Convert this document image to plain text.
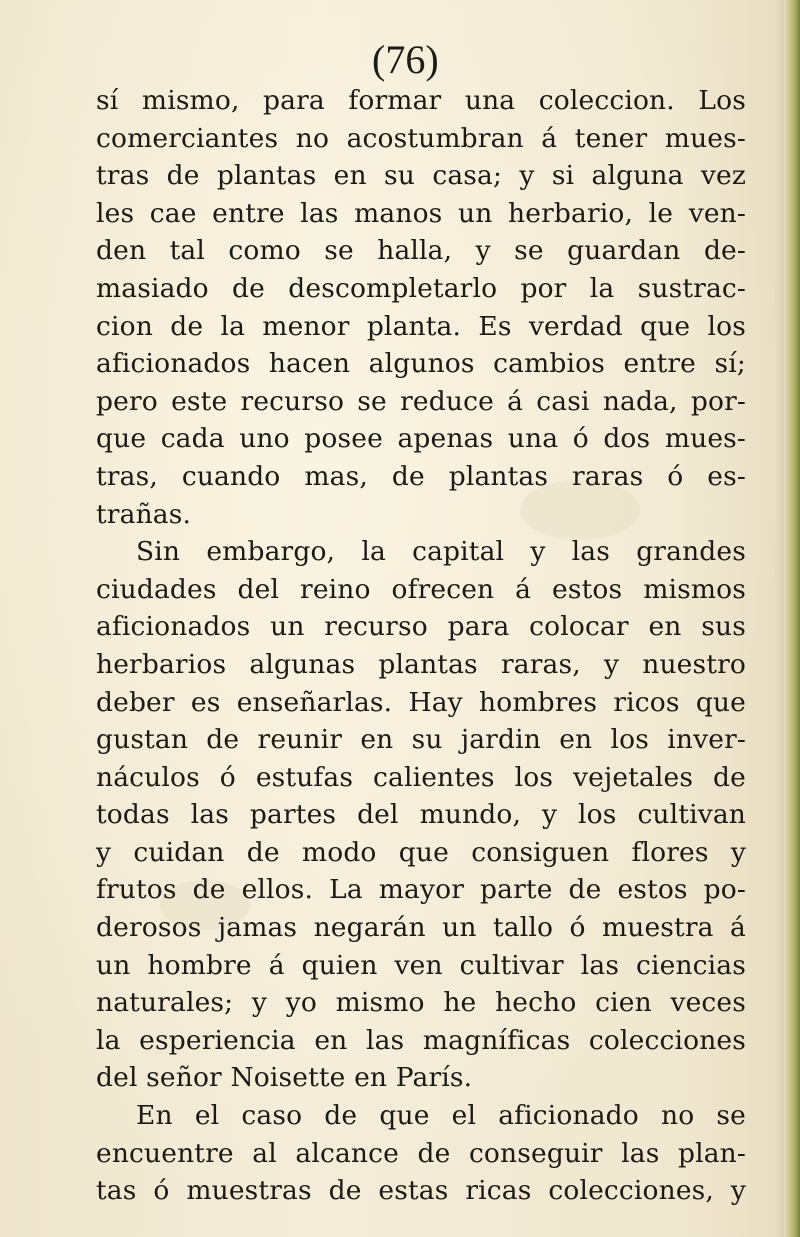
(76)
sí mismo, para formar una coleccion. Los
comerciantes no acostumbran á tener mues-
tras de plantas en su casa; y si alguna vez
les cae entre las manos un herbario, le ven-
den tal como se halla, y se guardan de-
masiado de descompletarlo por la sustrac-
cion de la menor planta. Es verdad que los
aficionados hacen algunos cambios entre sí;
pero este recurso se reduce á casi nada, por-
que cada uno posee apenas una ó dos mues-
tras, cuando mas, de plantas raras ó es-
trañas.
Sin embargo, la capital y las grandes
ciudades del reino ofrecen á estos mismos
aficionados un recurso para colocar en sus
herbarios algunas plantas raras, y nuestro
deber es enseñarlas. Hay hombres ricos que
gustan de reunir en su jardin en los inver-
náculos ó estufas calientes los vejetales de
todas las partes del mundo, y los cultivan
y cuidan de modo que consiguen flores y
frutos de ellos. La mayor parte de estos po-
derosos jamas negarán un tallo ó muestra á
un hombre á quien ven cultivar las ciencias
naturales; y yo mismo he hecho cien veces
la esperiencia en las magníficas colecciones
del señor Noisette en París.
En el caso de que el aficionado no se
encuentre al alcance de conseguir las plan-
tas ó muestras de estas ricas colecciones, y
